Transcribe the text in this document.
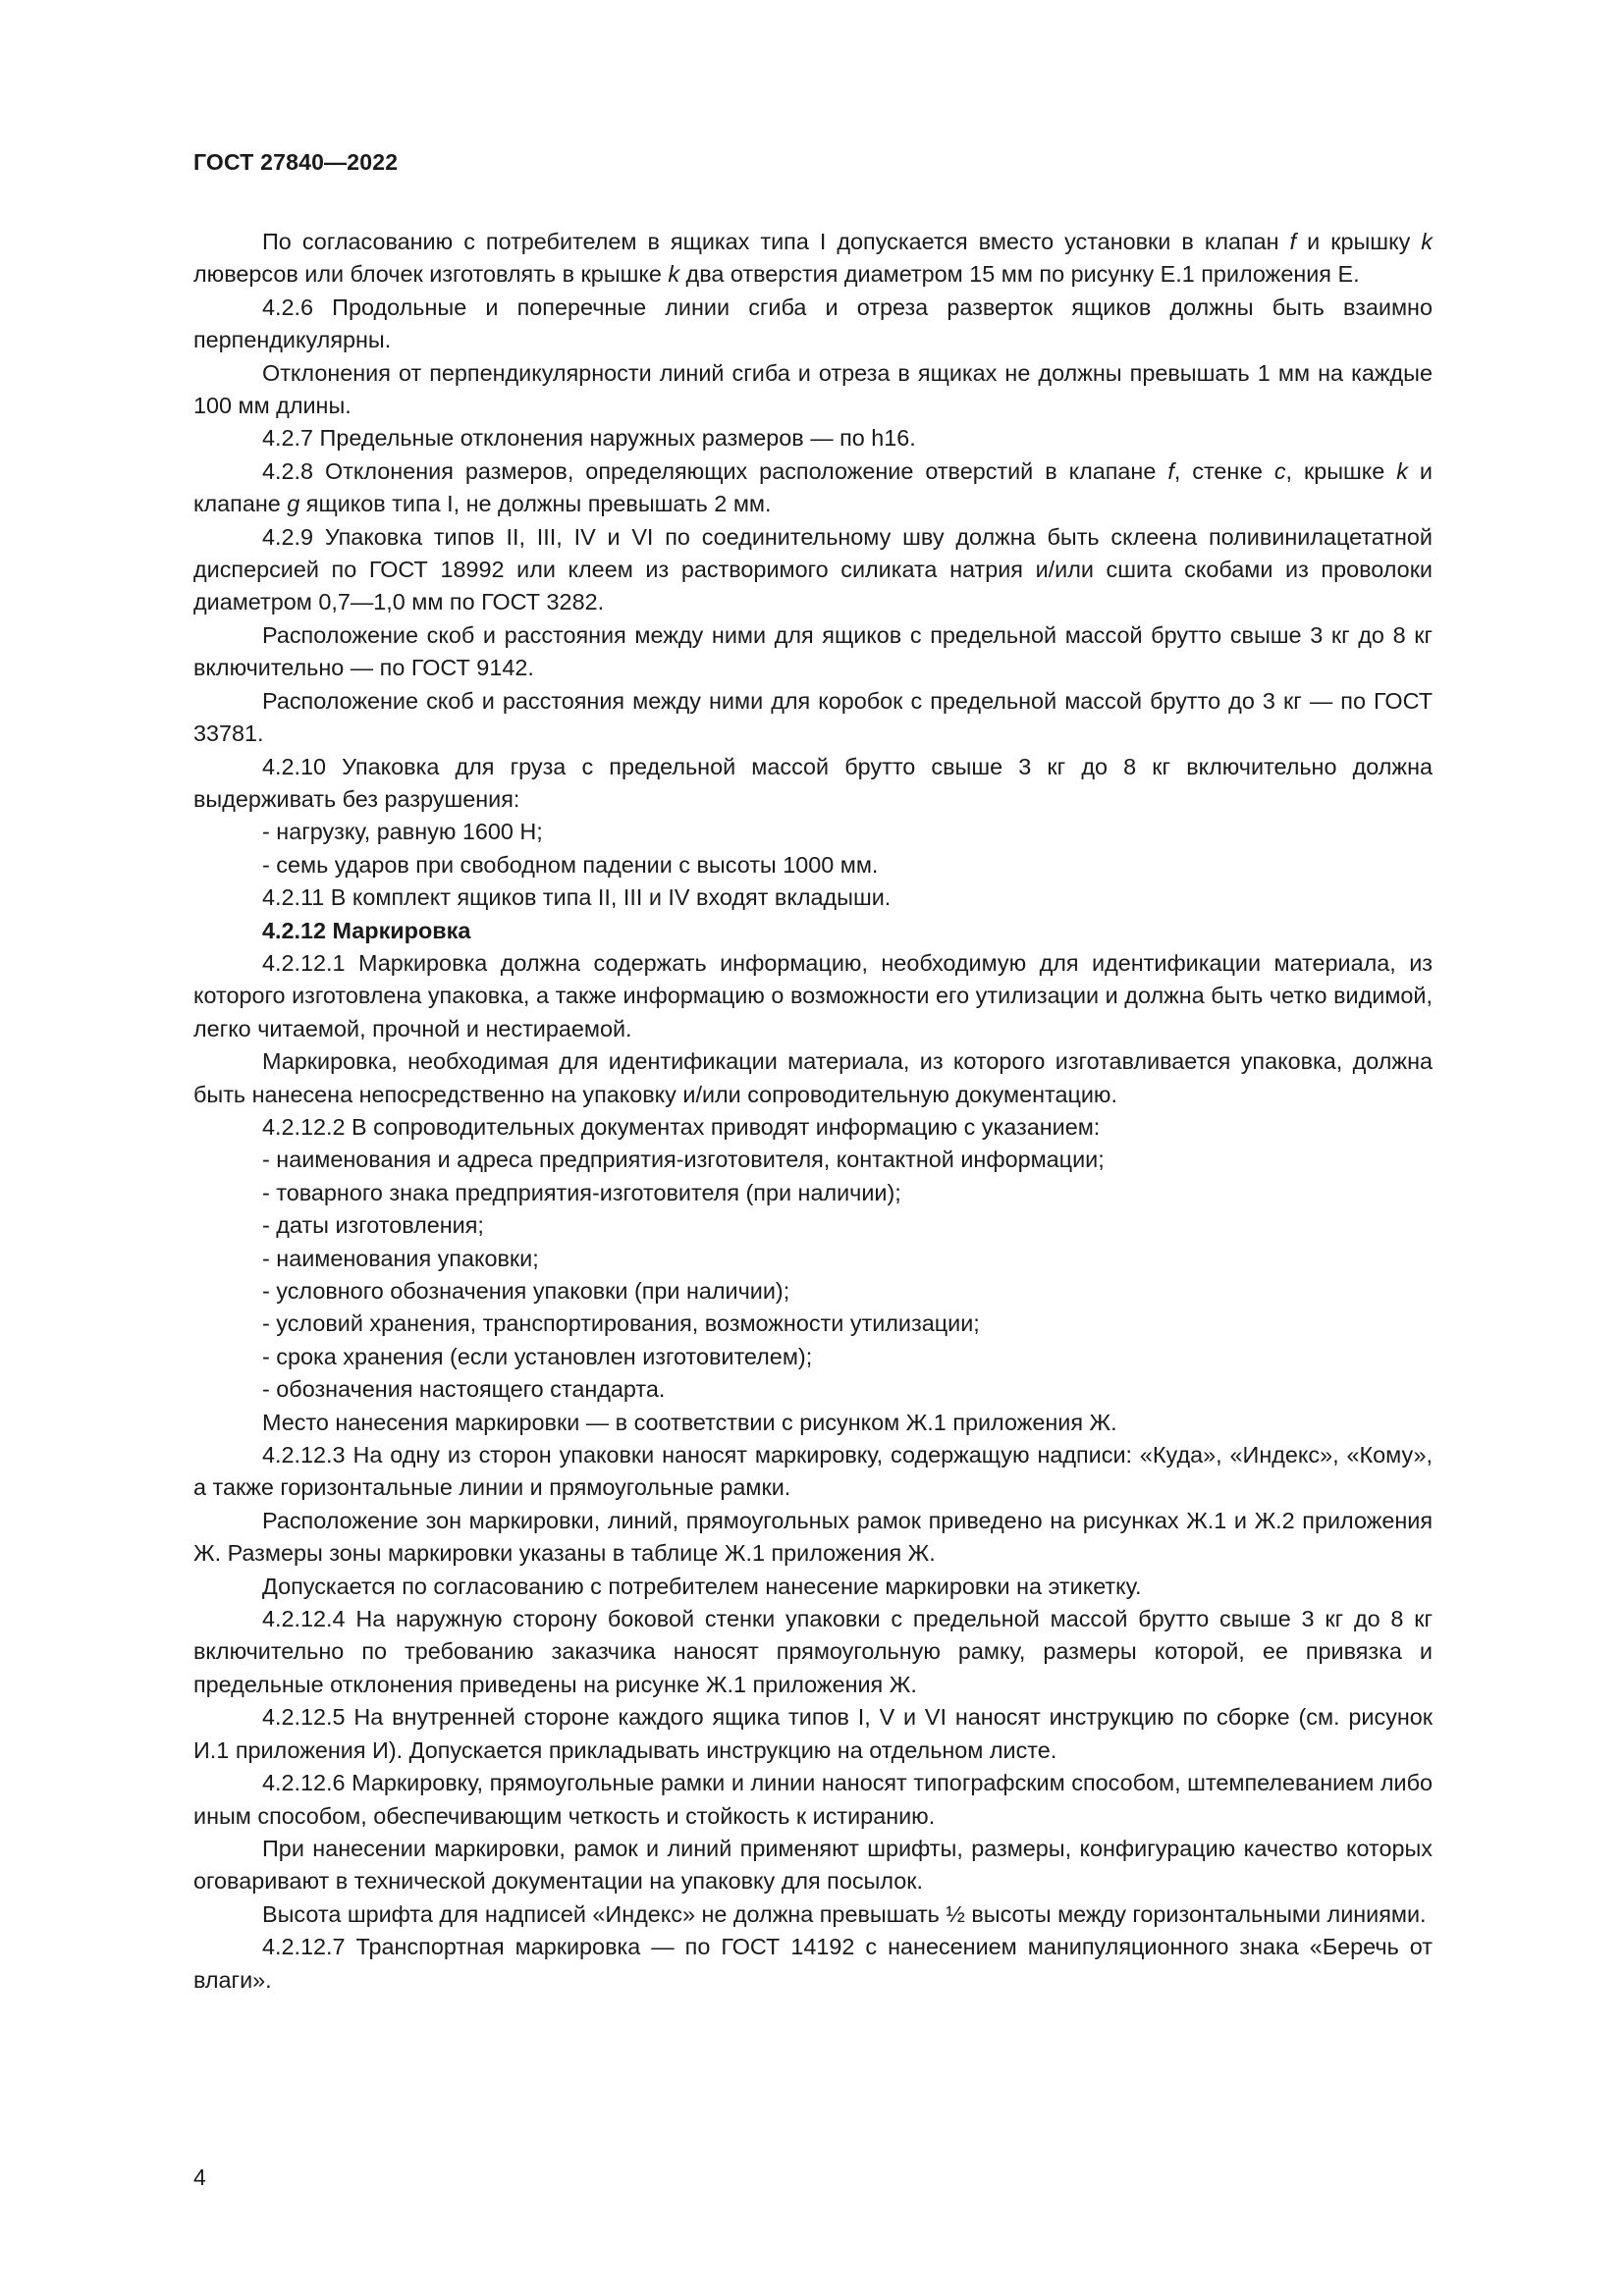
ГОСТ 27840—2022

По согласованию с потребителем в ящиках типа I допускается вместо установки в клапан f и крышку k люверсов или блочек изготовлять в крышке k два отверстия диаметром 15 мм по рисунку Е.1 приложения Е.

4.2.6 Продольные и поперечные линии сгиба и отреза разверток ящиков должны быть взаимно перпендикулярны.

Отклонения от перпендикулярности линий сгиба и отреза в ящиках не должны превышать 1 мм на каждые 100 мм длины.

4.2.7 Предельные отклонения наружных размеров — по h16.

4.2.8 Отклонения размеров, определяющих расположение отверстий в клапане f, стенке c, крышке k и клапане g ящиков типа I, не должны превышать 2 мм.

4.2.9 Упаковка типов II, III, IV и VI по соединительному шву должна быть склеена поливинилацетатной дисперсией по ГОСТ 18992 или клеем из растворимого силиката натрия и/или сшита скобами из проволоки диаметром 0,7—1,0 мм по ГОСТ 3282.

Расположение скоб и расстояния между ними для ящиков с предельной массой брутто свыше 3 кг до 8 кг включительно — по ГОСТ 9142.

Расположение скоб и расстояния между ними для коробок с предельной массой брутто до 3 кг — по ГОСТ 33781.

4.2.10 Упаковка для груза с предельной массой брутто свыше 3 кг до 8 кг включительно должна выдерживать без разрушения:

- нагрузку, равную 1600 Н;

- семь ударов при свободном падении с высоты 1000 мм.

4.2.11 В комплект ящиков типа II, III и IV входят вкладыши.

4.2.12 Маркировка

4.2.12.1 Маркировка должна содержать информацию, необходимую для идентификации материала, из которого изготовлена упаковка, а также информацию о возможности его утилизации и должна быть четко видимой, легко читаемой, прочной и нестираемой.

Маркировка, необходимая для идентификации материала, из которого изготавливается упаковка, должна быть нанесена непосредственно на упаковку и/или сопроводительную документацию.

4.2.12.2 В сопроводительных документах приводят информацию с указанием:

- наименования и адреса предприятия-изготовителя, контактной информации;

- товарного знака предприятия-изготовителя (при наличии);

- даты изготовления;

- наименования упаковки;

- условного обозначения упаковки (при наличии);

- условий хранения, транспортирования, возможности утилизации;

- срока хранения (если установлен изготовителем);

- обозначения настоящего стандарта.

Место нанесения маркировки — в соответствии с рисунком Ж.1 приложения Ж.

4.2.12.3 На одну из сторон упаковки наносят маркировку, содержащую надписи: «Куда», «Индекс», «Кому», а также горизонтальные линии и прямоугольные рамки.

Расположение зон маркировки, линий, прямоугольных рамок приведено на рисунках Ж.1 и Ж.2 приложения Ж. Размеры зоны маркировки указаны в таблице Ж.1 приложения Ж.

Допускается по согласованию с потребителем нанесение маркировки на этикетку.

4.2.12.4 На наружную сторону боковой стенки упаковки с предельной массой брутто свыше 3 кг до 8 кг включительно по требованию заказчика наносят прямоугольную рамку, размеры которой, ее привязка и предельные отклонения приведены на рисунке Ж.1 приложения Ж.

4.2.12.5 На внутренней стороне каждого ящика типов I, V и VI наносят инструкцию по сборке (см. рисунок И.1 приложения И). Допускается прикладывать инструкцию на отдельном листе.

4.2.12.6 Маркировку, прямоугольные рамки и линии наносят типографским способом, штемпелеванием либо иным способом, обеспечивающим четкость и стойкость к истиранию.

При нанесении маркировки, рамок и линий применяют шрифты, размеры, конфигурацию качество которых оговаривают в технической документации на упаковку для посылок.

Высота шрифта для надписей «Индекс» не должна превышать ½ высоты между горизонтальными линиями.

4.2.12.7 Транспортная маркировка — по ГОСТ 14192 с нанесением манипуляционного знака «Беречь от влаги».

4
